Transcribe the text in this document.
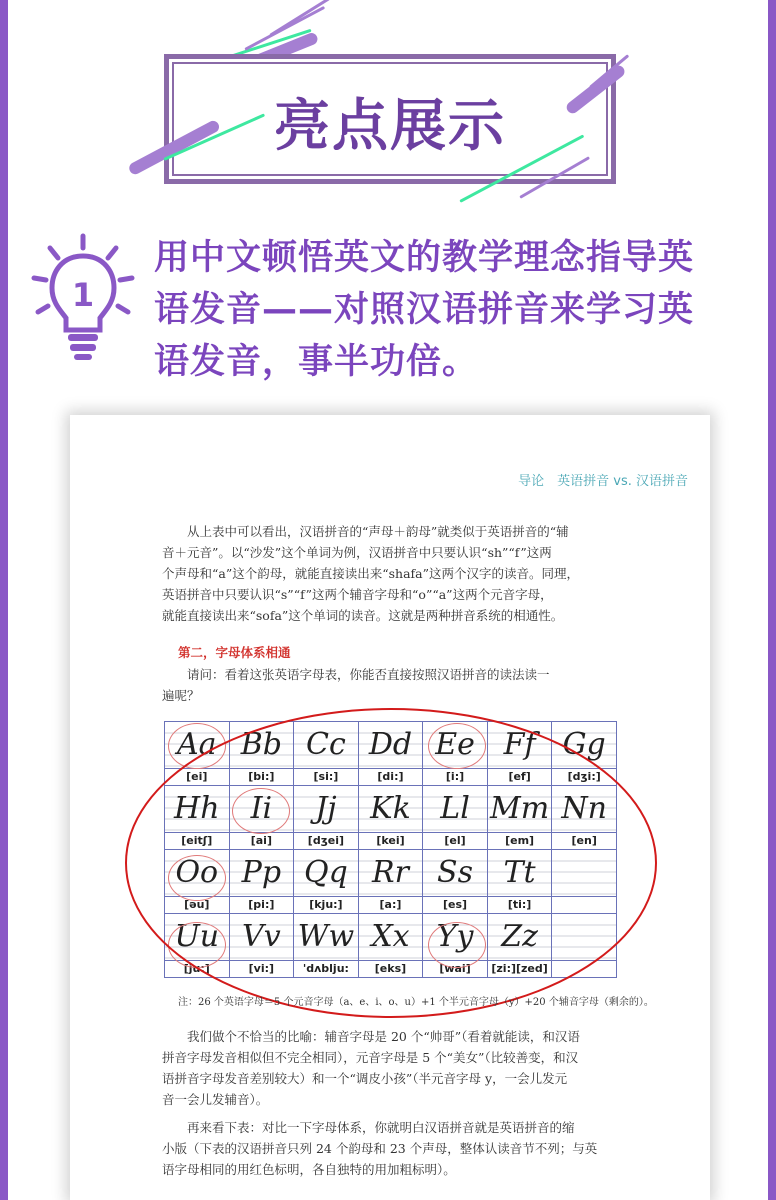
亮点展示
1
用中文顿悟英文的教学理念指导英
语发音——对照汉语拼音来学习英
语发音，事半功倍。
导论　英语拼音 vs. 汉语拼音
　　从上表中可以看出，汉语拼音的“声母＋韵母”就类似于英语拼音的“辅
音＋元音”。以“沙发”这个单词为例，汉语拼音中只要认识“sh”“f”这两
个声母和“a”这个韵母，就能直接读出来“shafa”这两个汉字的读音。同理，
英语拼音中只要认识“s”“f”这两个辅音字母和“o”“a”这两个元音字母，
就能直接读出来“sofa”这个单词的读音。这就是两种拼音系统的相通性。
第二，字母体系相通
　　请问：看着这张英语字母表，你能否直接按照汉语拼音的读法读一
遍呢？
Aa	Bb	Cc	Dd	Ee	Ff	Gg

[ei]	[bi:]	[si:]	[di:]	[i:]	[ef]	[dʒi:]

Hh	Ii	Jj	Kk	Ll	Mm	Nn

[eitʃ]	[ai]	[dʒei]	[kei]	[el]	[em]	[en]

Oo	Pp	Qq	Rr	Ss	Tt	

[əu]	[pi:]	[kju:]	[a:]	[es]	[ti:]	

Uu	Vv	Ww	Xx	Yy	Zz	

[ju:]	[vi:]	'dʌblju:	[eks]	[wai]	[zi:][zed]	
注：26 个英语字母＝5 个元音字母（a、e、i、o、u）+1 个半元音字母（y）+20 个辅音字母（剩余的）。
　　我们做个不恰当的比喻：辅音字母是 20 个“帅哥”（看着就能读，和汉语
拼音字母发音相似但不完全相同），元音字母是 5 个“美女”（比较善变，和汉
语拼音字母发音差别较大）和一个“调皮小孩”（半元音字母 y，一会儿发元
音一会儿发辅音）。
　　再来看下表：对比一下字母体系，你就明白汉语拼音就是英语拼音的缩
小版（下表的汉语拼音只列 24 个韵母和 23 个声母，整体认读音节不列；与英
语字母相同的用红色标明，各自独特的用加粗标明）。
